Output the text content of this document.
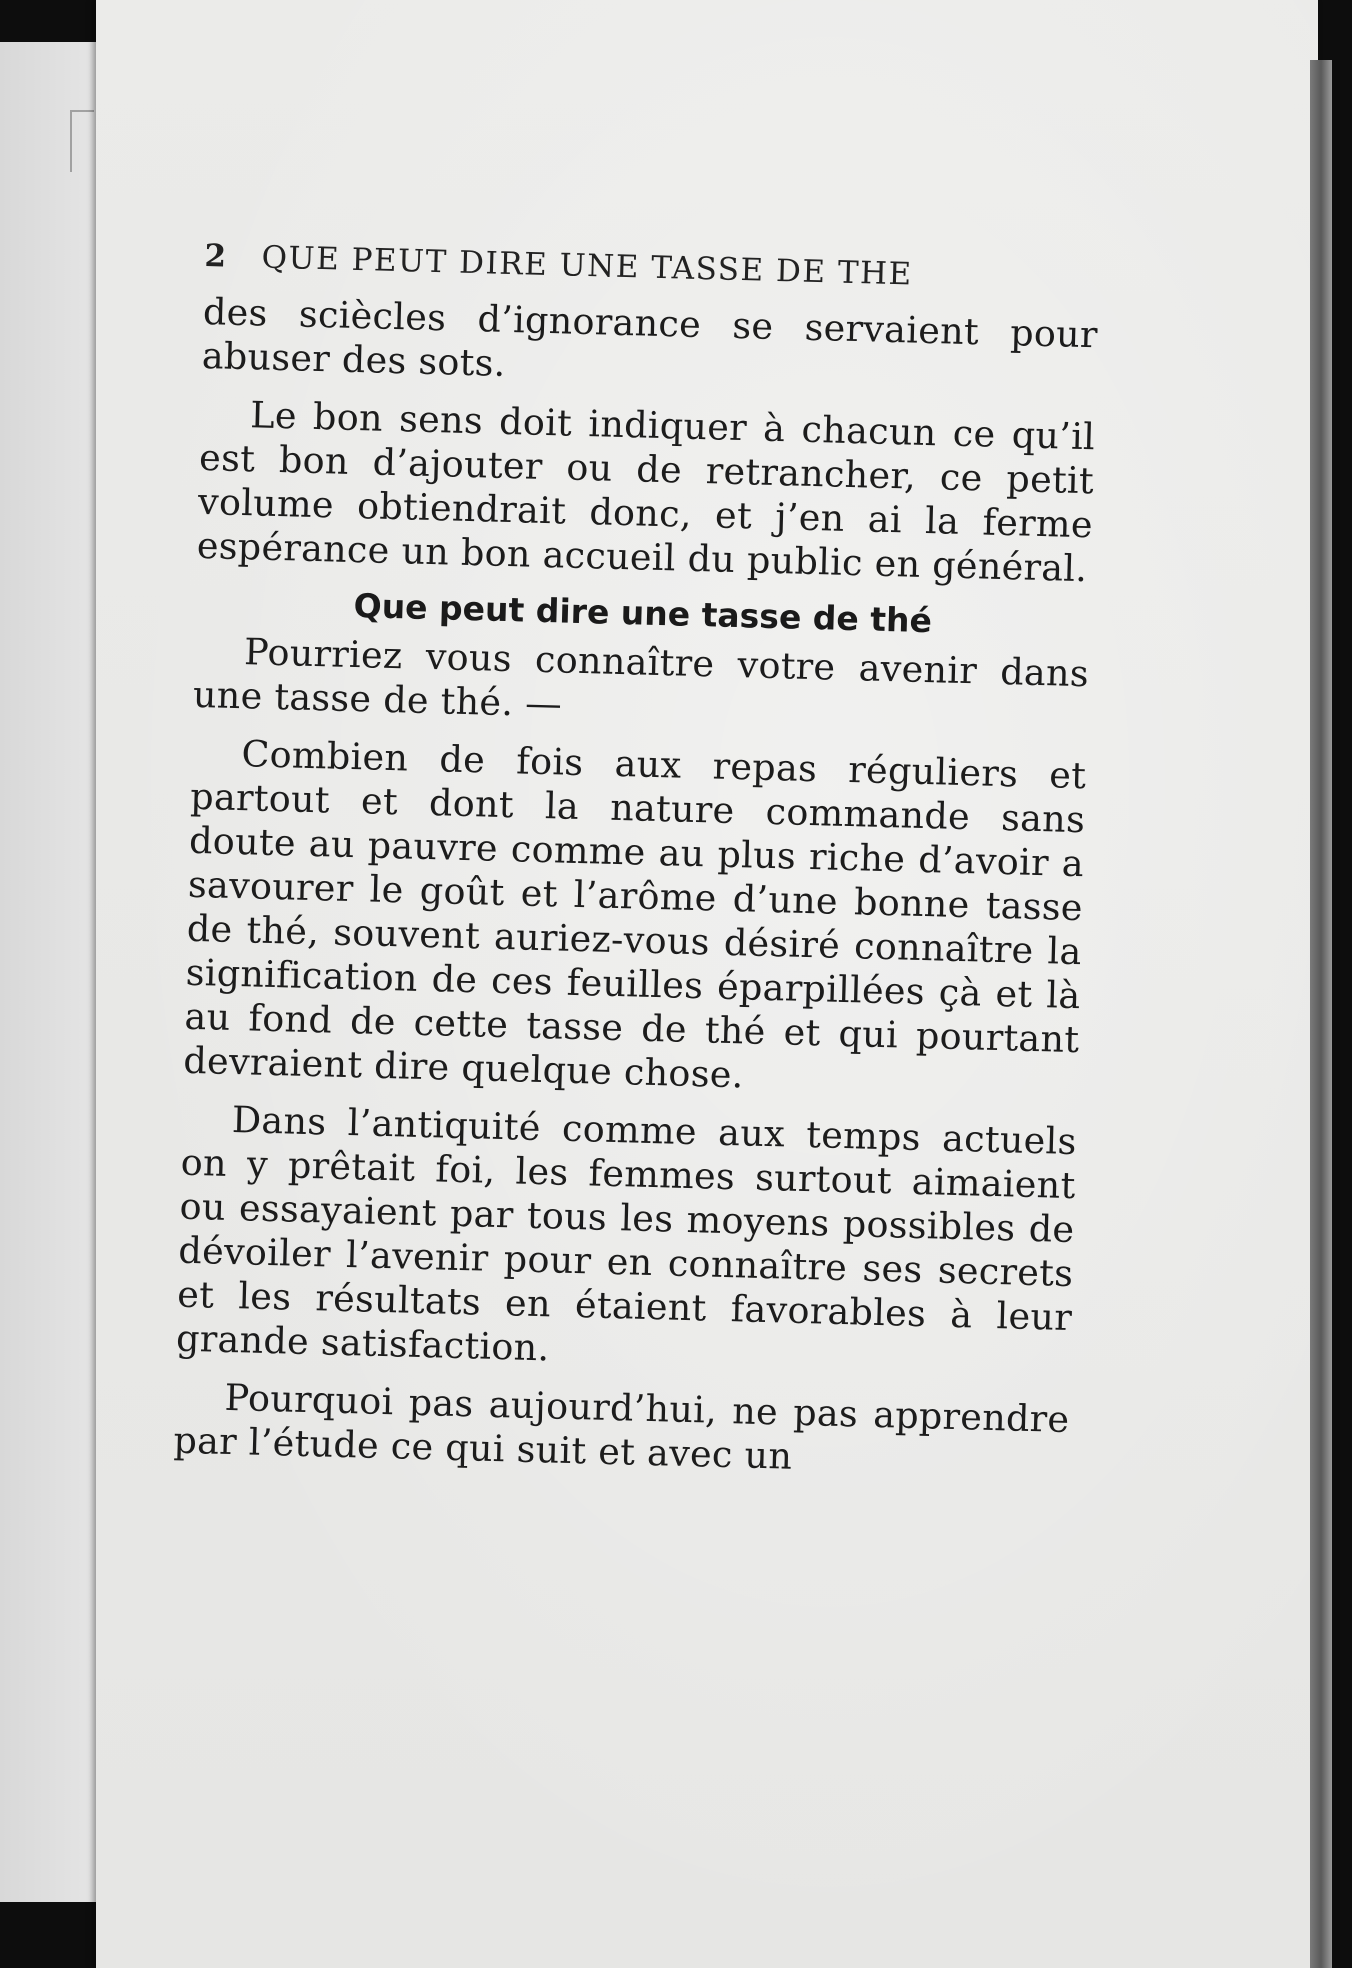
2 QUE PEUT DIRE UNE TASSE DE THE

des sciècles d’ignorance se servaient pour abuser des sots.

Le bon sens doit indiquer à chacun ce qu’il est bon d’ajouter ou de retrancher, ce petit volume obtiendrait donc, et j’en ai la ferme espérance un bon accueil du public en général.

Que peut dire une tasse de thé

Pourriez vous connaître votre avenir dans une tasse de thé. —

Combien de fois aux repas réguliers et partout et dont la nature commande sans doute au pauvre comme au plus riche d’avoir a savourer le goût et l’arôme d’une bonne tasse de thé, souvent auriez-vous désiré connaître la signification de ces feuilles éparpillées çà et là au fond de cette tasse de thé et qui pourtant devraient dire quelque chose.

Dans l’antiquité comme aux temps actuels on y prêtait foi, les femmes surtout aimaient ou essayaient par tous les moyens possibles de dévoiler l’avenir pour en connaître ses secrets et les résultats en étaient favorables à leur grande satisfaction.

Pourquoi pas aujourd’hui, ne pas apprendre par l’étude ce qui suit et avec un
